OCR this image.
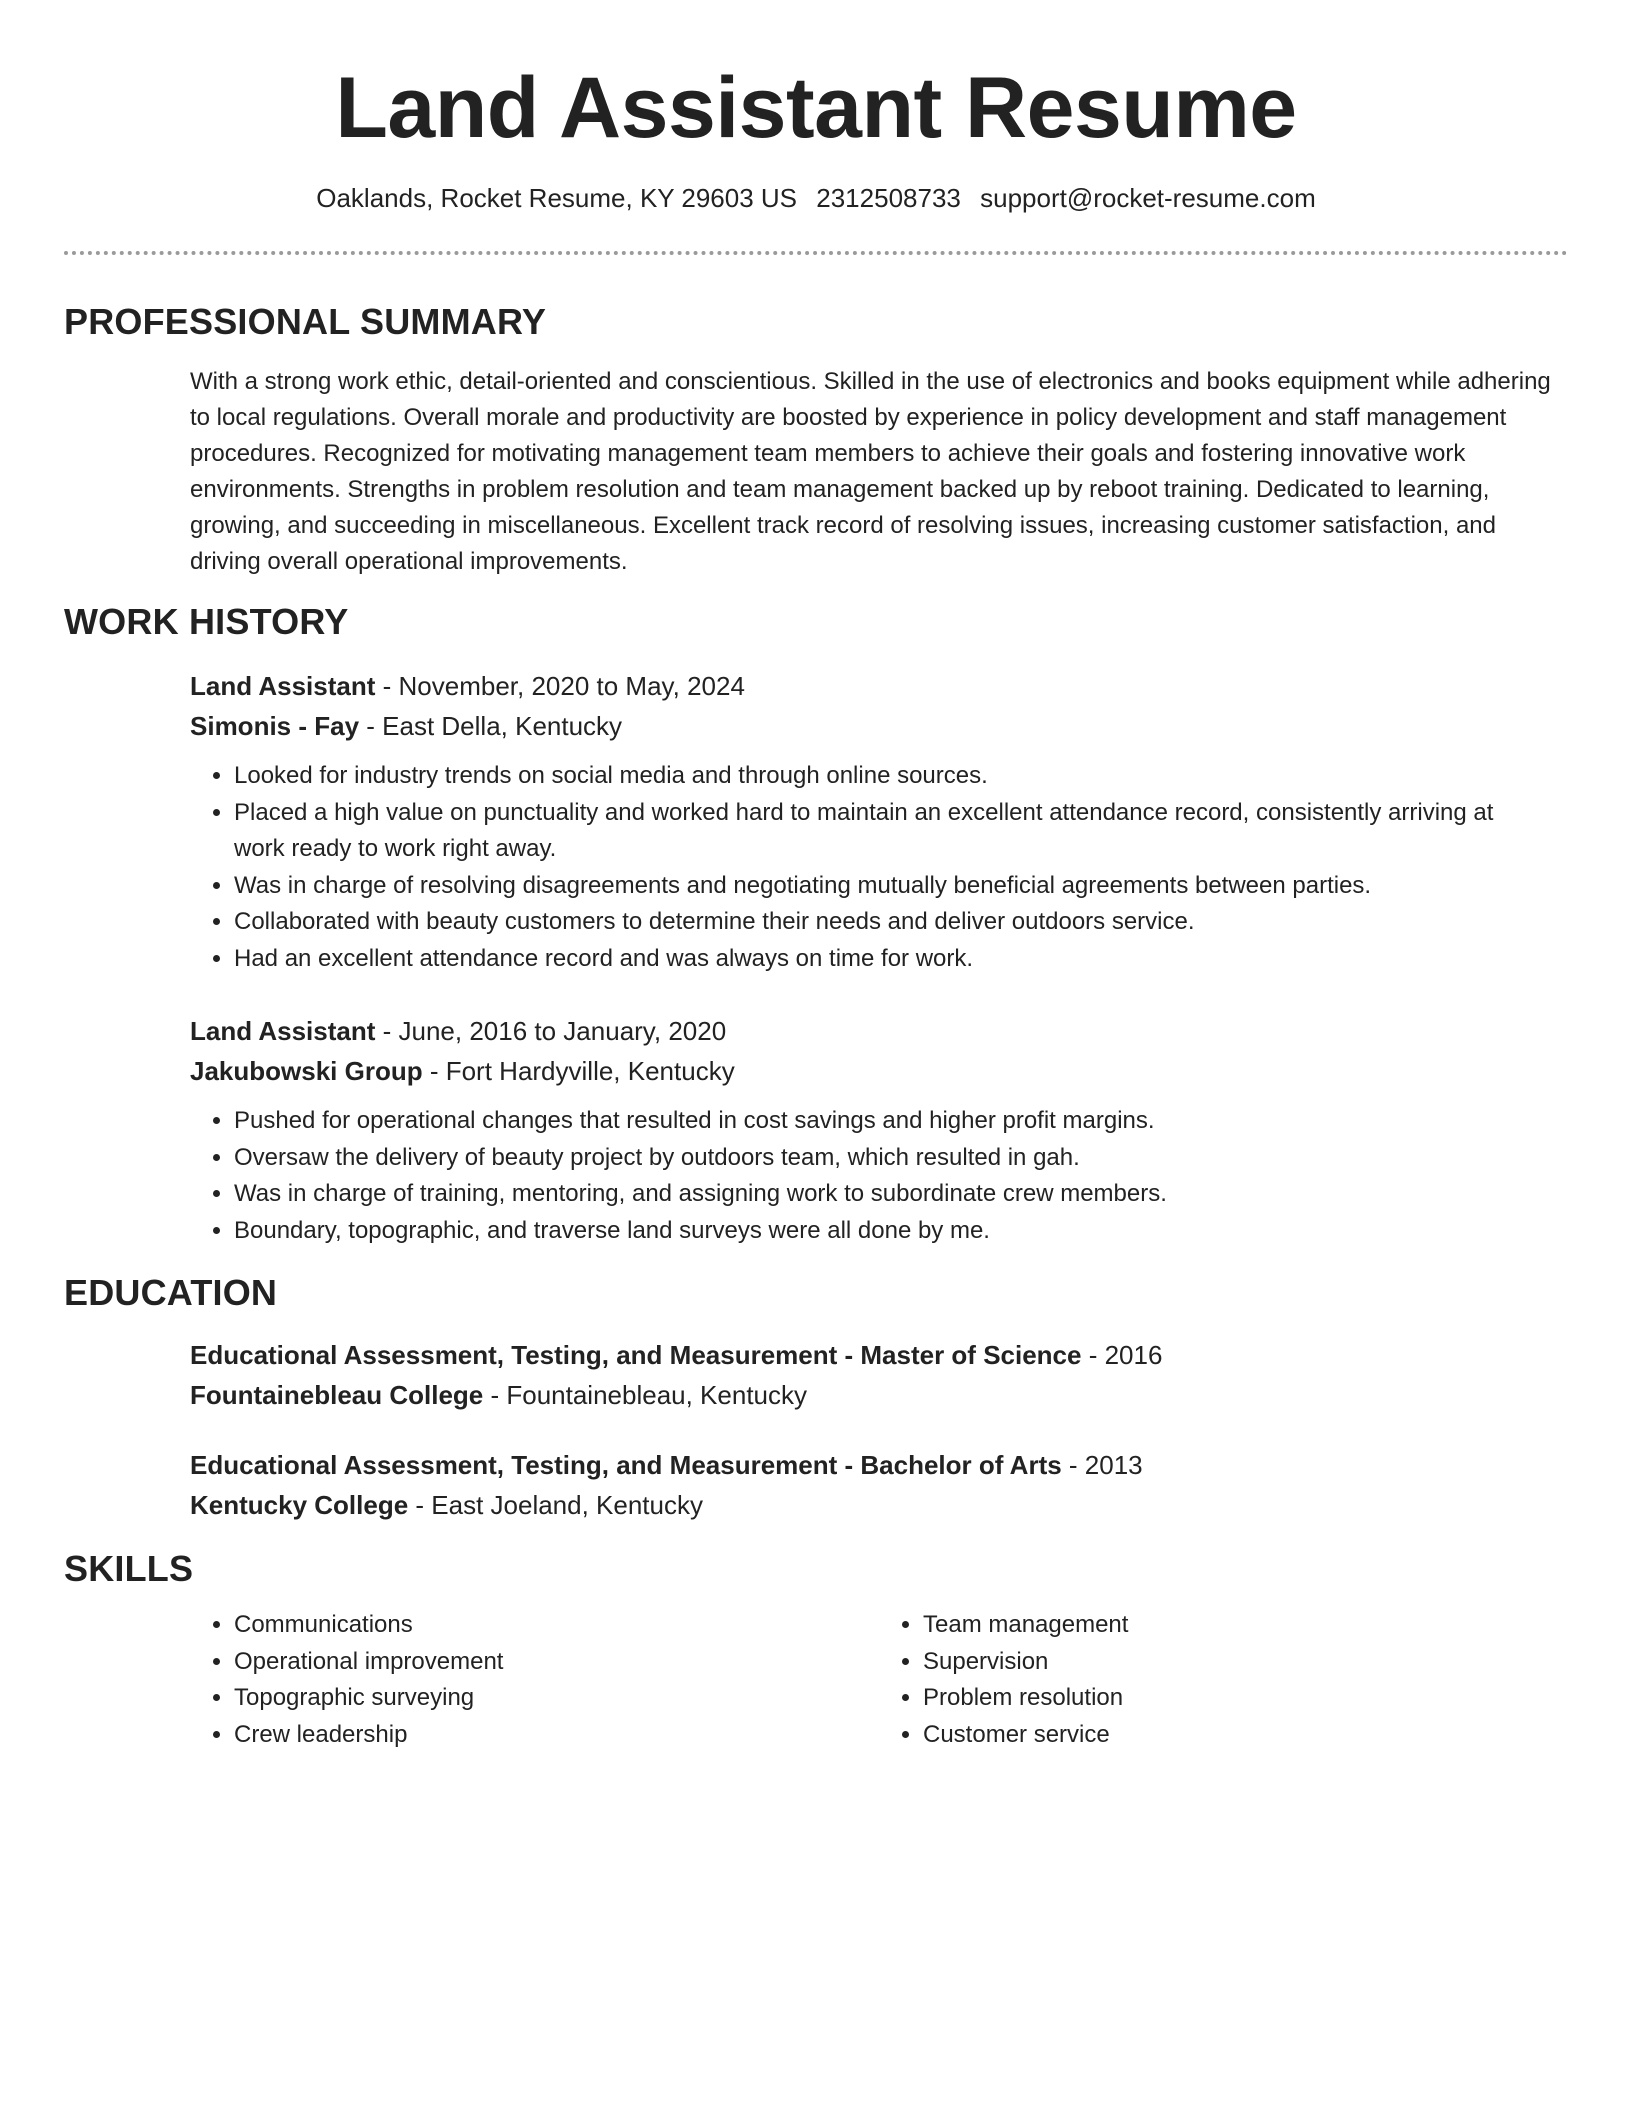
Land Assistant Resume
Oaklands, Rocket Resume, KY 29603 US 2312508733 support@rocket-resume.com
PROFESSIONAL SUMMARY

With a strong work ethic, detail-oriented and conscientious. Skilled in the use of electronics and books equipment while adhering to local regulations. Overall morale and productivity are boosted by experience in policy development and staff management procedures. Recognized for motivating management team members to achieve their goals and fostering innovative work environments. Strengths in problem resolution and team management backed up by reboot training. Dedicated to learning, growing, and succeeding in miscellaneous. Excellent track record of resolving issues, increasing customer satisfaction, and driving overall operational improvements.

WORK HISTORY
Land Assistant - November, 2020 to May, 2024
Simonis - Fay - East Della, Kentucky
• Looked for industry trends on social media and through online sources.
• Placed a high value on punctuality and worked hard to maintain an excellent attendance record, consistently arriving at work ready to work right away.
• Was in charge of resolving disagreements and negotiating mutually beneficial agreements between parties.
• Collaborated with beauty customers to determine their needs and deliver outdoors service.
• Had an excellent attendance record and was always on time for work.
Land Assistant - June, 2016 to January, 2020
Jakubowski Group - Fort Hardyville, Kentucky
• Pushed for operational changes that resulted in cost savings and higher profit margins.
• Oversaw the delivery of beauty project by outdoors team, which resulted in gah.
• Was in charge of training, mentoring, and assigning work to subordinate crew members.
• Boundary, topographic, and traverse land surveys were all done by me.
EDUCATION
Educational Assessment, Testing, and Measurement - Master of Science - 2016
Fountainebleau College - Fountainebleau, Kentucky
Educational Assessment, Testing, and Measurement - Bachelor of Arts - 2013
Kentucky College - East Joeland, Kentucky
SKILLS
• Communications
• Operational improvement
• Topographic surveying
• Crew leadership
• Team management
• Supervision
• Problem resolution
• Customer service
